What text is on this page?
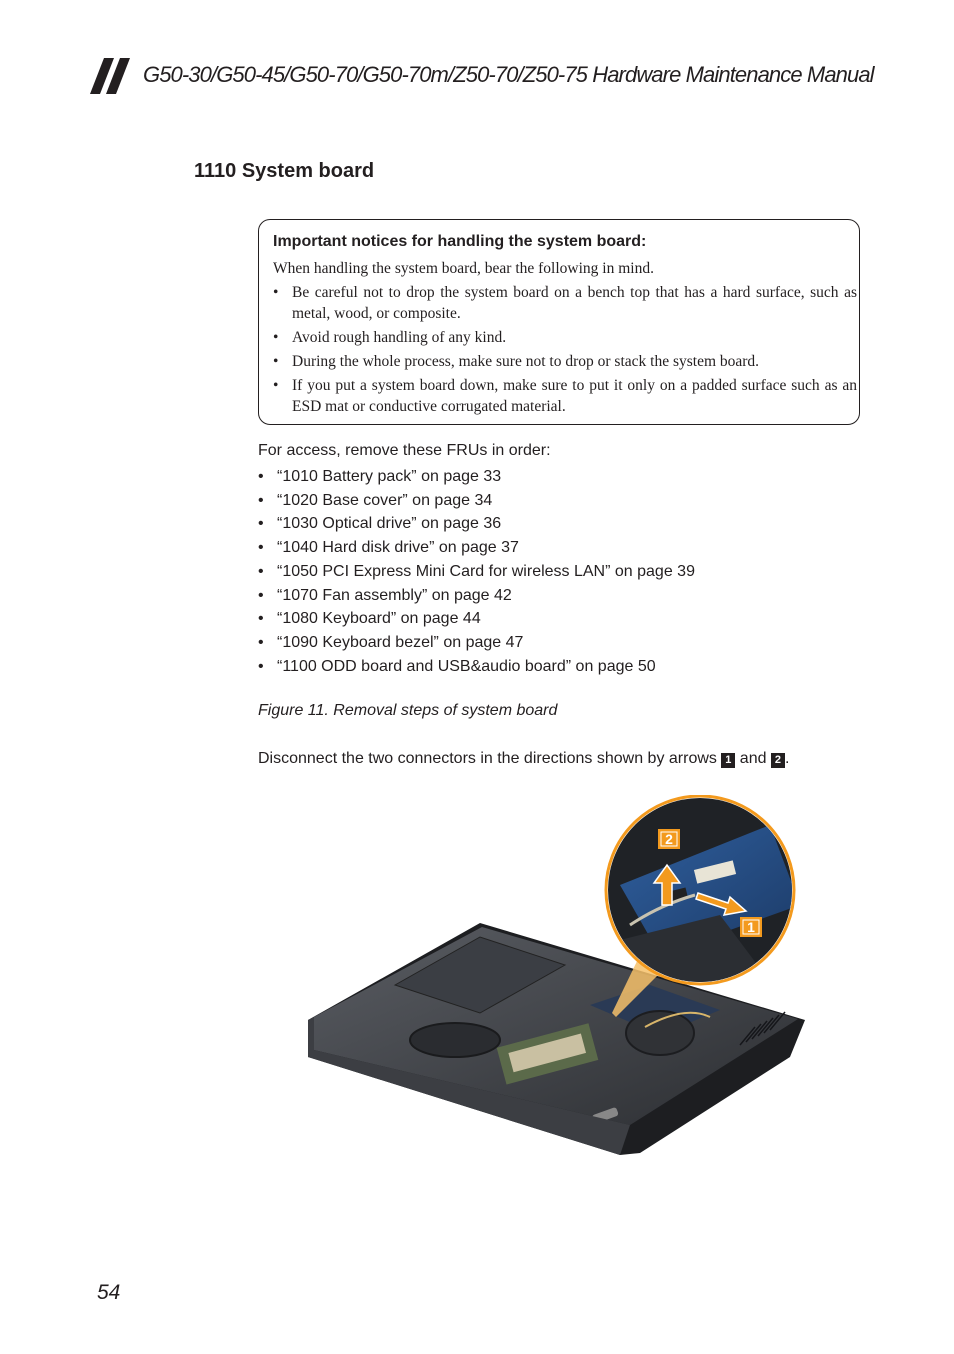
G50-30/G50-45/G50-70/G50-70m/Z50-70/Z50-75 Hardware Maintenance Manual
1110 System board
Important notices for handling the system board:
When handling the system board, bear the following in mind.
• Be careful not to drop the system board on a bench top that has a hard surface, such as metal, wood, or composite.
• Avoid rough handling of any kind.
• During the whole process, make sure not to drop or stack the system board.
• If you put a system board down, make sure to put it only on a padded surface such as an ESD mat or conductive corrugated material.
For access, remove these FRUs in order:
• “1010 Battery pack” on page 33
• “1020 Base cover” on page 34
• “1030 Optical drive” on page 36
• “1040 Hard disk drive” on page 37
• “1050 PCI Express Mini Card for wireless LAN” on page 39
• “1070 Fan assembly” on page 42
• “1080 Keyboard” on page 44
• “1090 Keyboard bezel” on page 47
• “1100 ODD board and USB&audio board” on page 50
Figure 11. Removal steps of system board
Disconnect the two connectors in the directions shown by arrows 1 and 2 .
2
1
54
